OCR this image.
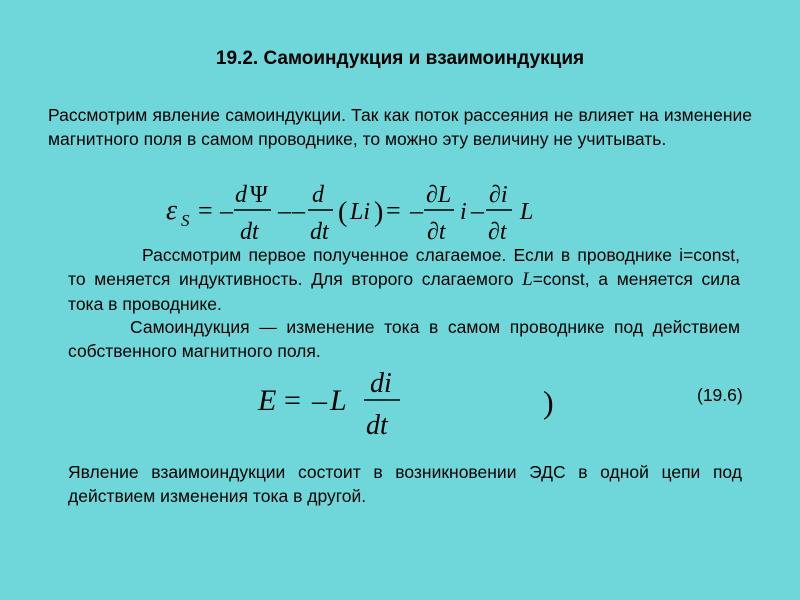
19.2. Самоиндукция и взаимоиндукция
Рассмотрим явление самоиндукции. Так как поток рассеяния не влияет на изменение магнитного поля в самом проводнике, то можно эту величину не учитывать.
ε S = –
d Ψ
dt
– –
d
dt
( Li ) = –
∂L
∂t
i –
∂i
∂t
L
Рассмотрим первое полученное слагаемое. Если в проводнике i=const, то меняется индуктивность. Для второго слагаемого L=const, а меняется сила тока в проводнике.
Самоиндукция — изменение тока в самом проводнике под действием собственного магнитного поля.
E = – L
di
dt
)	(19.6)
Явление взаимоиндукции состоит в возникновении ЭДС в одной цепи под действием изменения тока в другой.
